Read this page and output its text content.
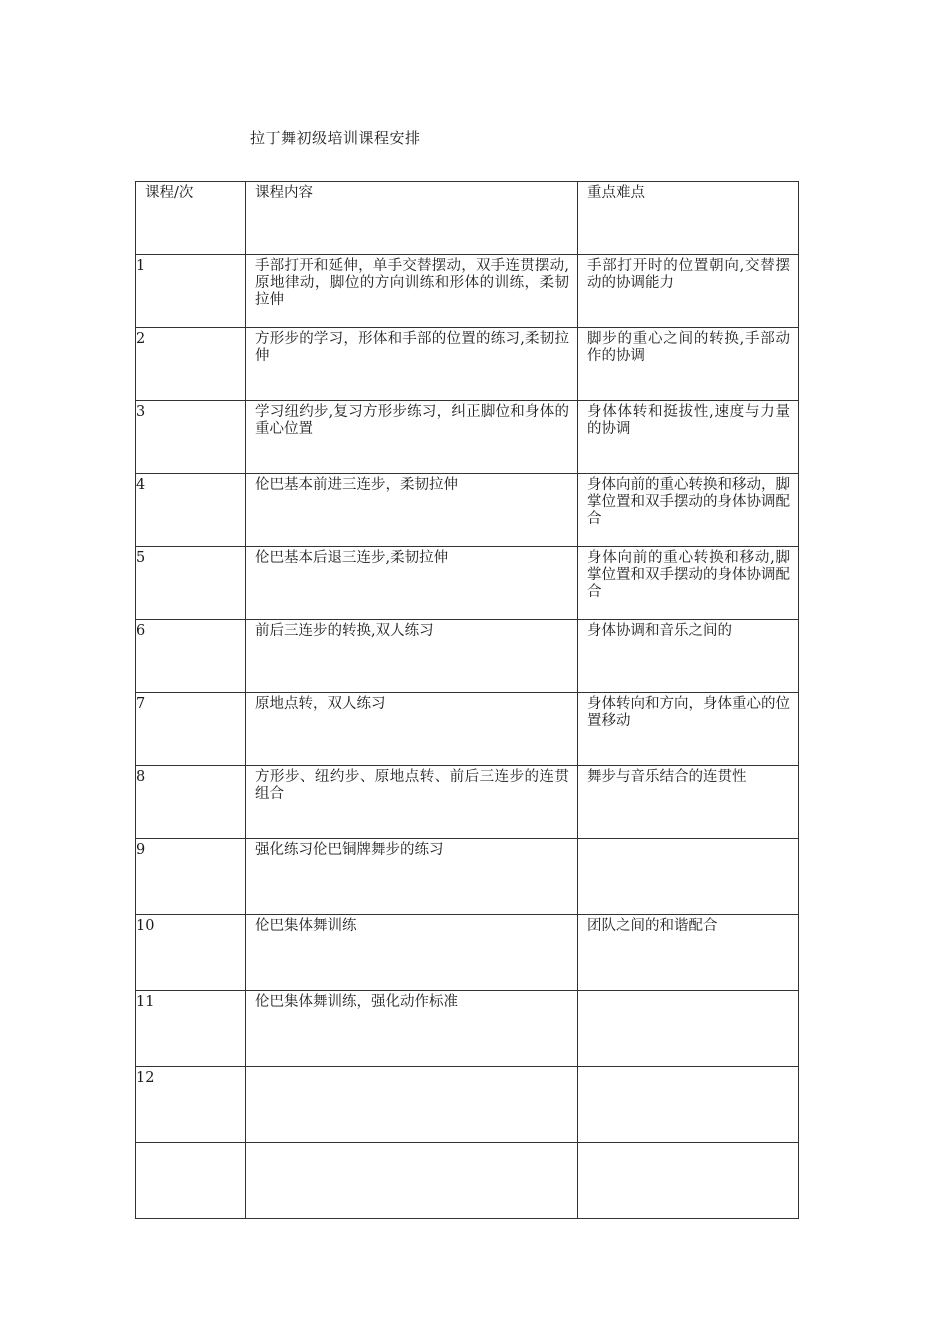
拉丁舞初级培训课程安排
课程/次	课程内容	重点难点
1	手部打开和延伸，单手交替摆动，双手连贯摆动,原地律动，脚位的方向训练和形体的训练，柔韧拉伸	手部打开时的位置朝向,交替摆动的协调能力
2	方形步的学习，形体和手部的位置的练习,柔韧拉伸	脚步的重心之间的转换,手部动作的协调
3	学习纽约步,复习方形步练习，纠正脚位和身体的重心位置	身体体转和挺拔性,速度与力量的协调
4	伦巴基本前进三连步，柔韧拉伸	身体向前的重心转换和移动，脚掌位置和双手摆动的身体协调配合
5	伦巴基本后退三连步,柔韧拉伸	身体向前的重心转换和移动,脚掌位置和双手摆动的身体协调配合
6	前后三连步的转换,双人练习	身体协调和音乐之间的
7	原地点转，双人练习	身体转向和方向，身体重心的位置移动
8	方形步、纽约步、原地点转、前后三连步的连贯组合	舞步与音乐结合的连贯性
9	强化练习伦巴铜牌舞步的练习	
10	伦巴集体舞训练	团队之间的和谐配合
11	伦巴集体舞训练，强化动作标准	
12		
